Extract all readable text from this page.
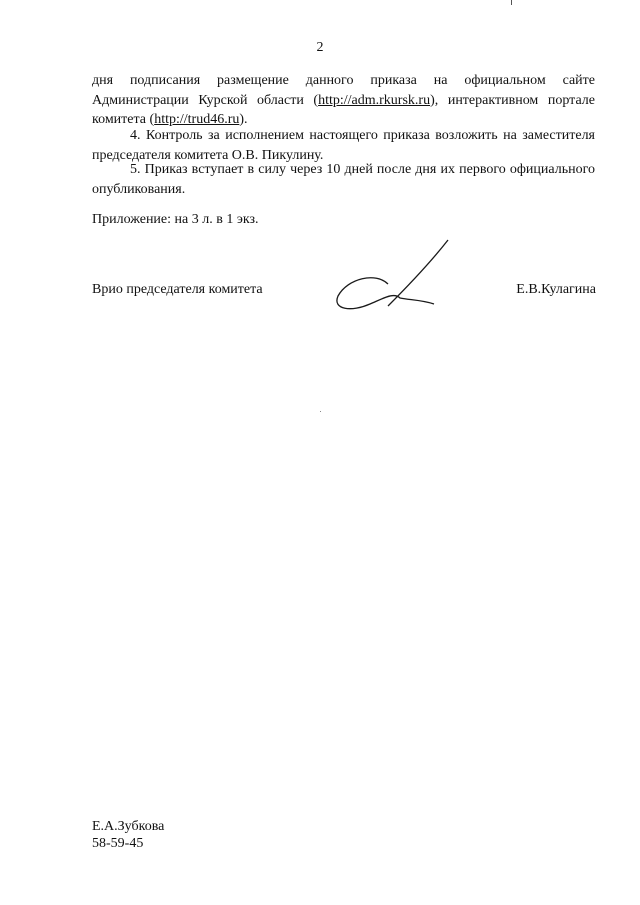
2
дня подписания размещение данного приказа на официальном сайте Администрации Курской области (http://adm.rkursk.ru), интерактивном портале комитета (http://trud46.ru).
4. Контроль за исполнением настоящего приказа возложить на заместителя председателя комитета О.В. Пикулину.
5. Приказ вступает в силу через 10 дней после дня их первого официального опубликования.
Приложение: на 3 л. в 1 экз.
Врио председателя комитета	Е.В.Кулагина
Е.А.Зубкова
58-59-45
